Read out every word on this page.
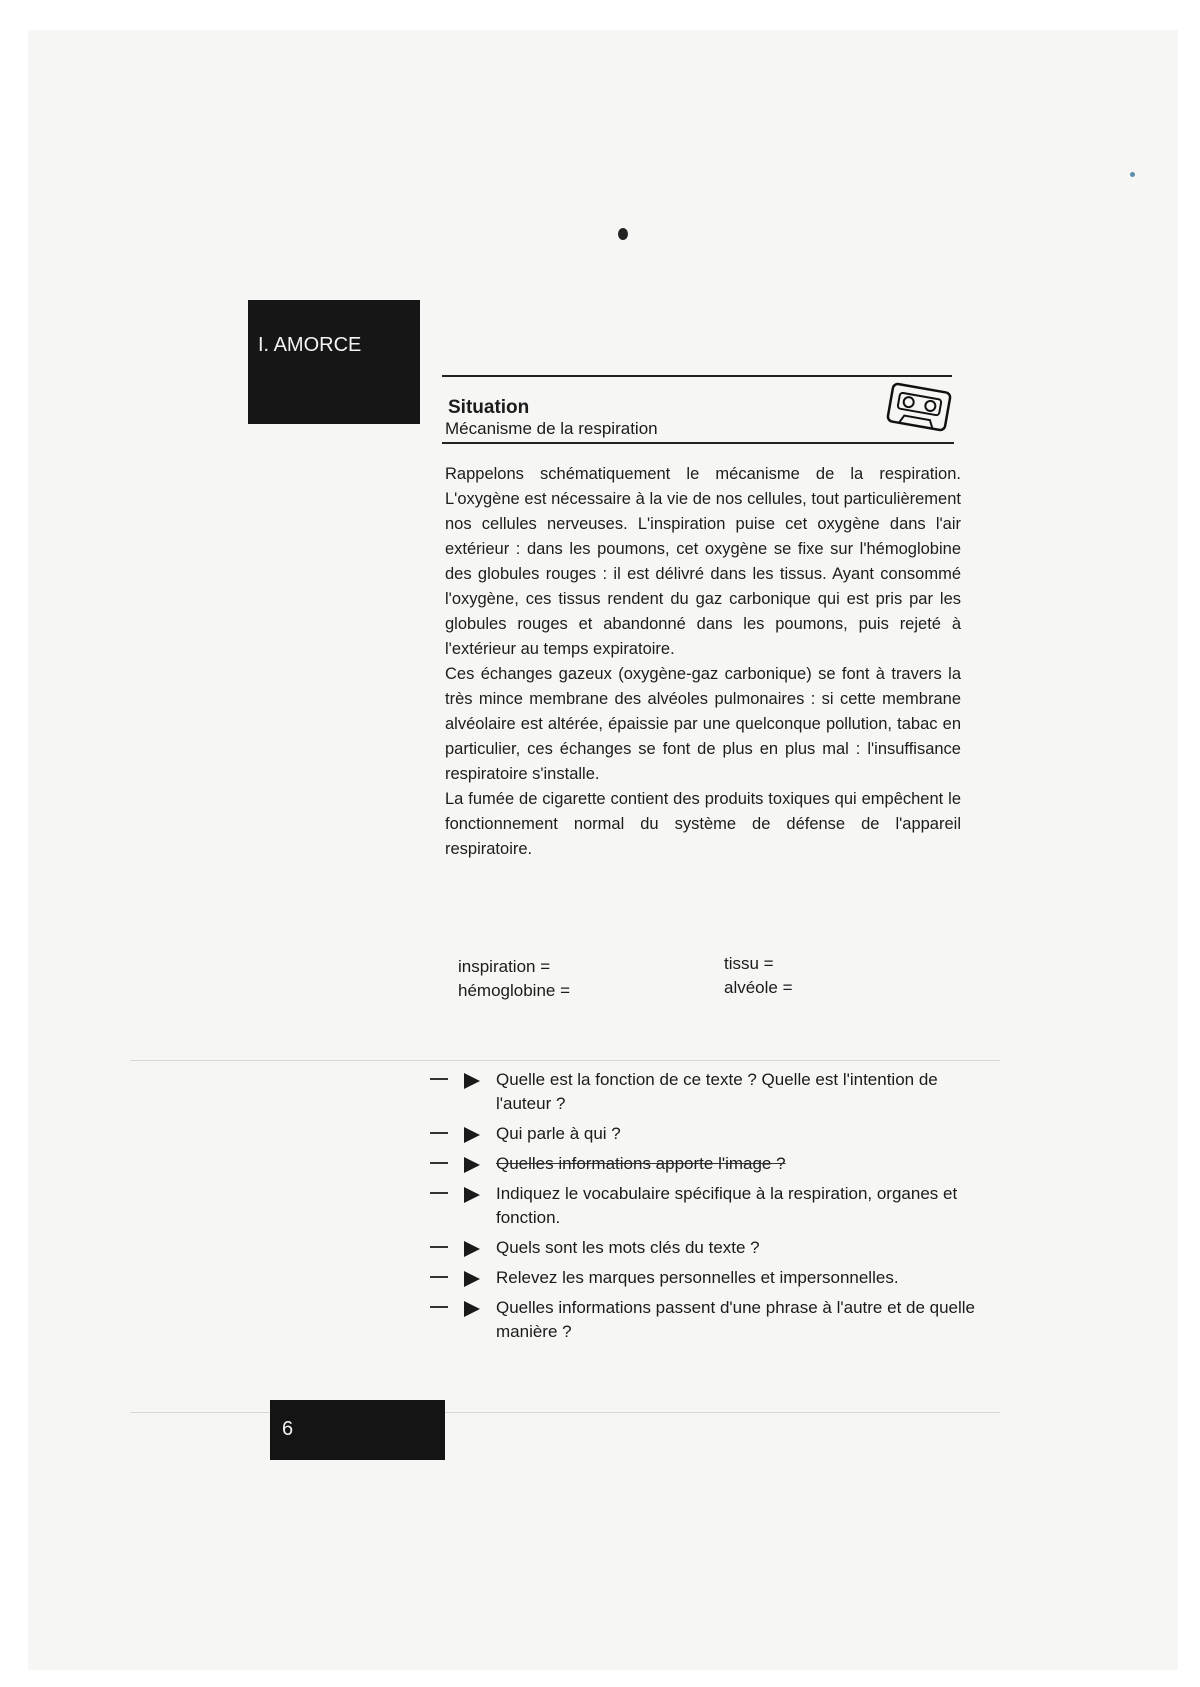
I. AMORCE
Situation
Mécanisme de la respiration

Rappelons schématiquement le mécanisme de la respiration. L'oxygène est nécessaire à la vie de nos cellules, tout particulièrement nos cellules nerveuses. L'inspiration puise cet oxygène dans l'air extérieur : dans les poumons, cet oxygène se fixe sur l'hémoglobine des globules rouges : il est délivré dans les tissus. Ayant consommé l'oxygène, ces tissus rendent du gaz carbonique qui est pris par les globules rouges et abandonné dans les poumons, puis rejeté à l'extérieur au temps expiratoire.

Ces échanges gazeux (oxygène-gaz carbonique) se font à travers la très mince membrane des alvéoles pulmonaires : si cette membrane alvéolaire est altérée, épaissie par une quelconque pollution, tabac en particulier, ces échanges se font de plus en plus mal : l'insuffisance respiratoire s'installe.

La fumée de cigarette contient des produits toxiques qui empêchent le fonctionnement normal du système de défense de l'appareil respiratoire.

inspiration =
hémoglobine =
tissu =
alvéole =
Quelle est la fonction de ce texte ? Quelle est l'intention de l'auteur ?
Qui parle à qui ?
Quelles informations apporte l'image ?
Indiquez le vocabulaire spécifique à la respiration, organes et fonction.
Quels sont les mots clés du texte ?
Relevez les marques personnelles et impersonnelles.
Quelles informations passent d'une phrase à l'autre et de quelle manière ?
6
